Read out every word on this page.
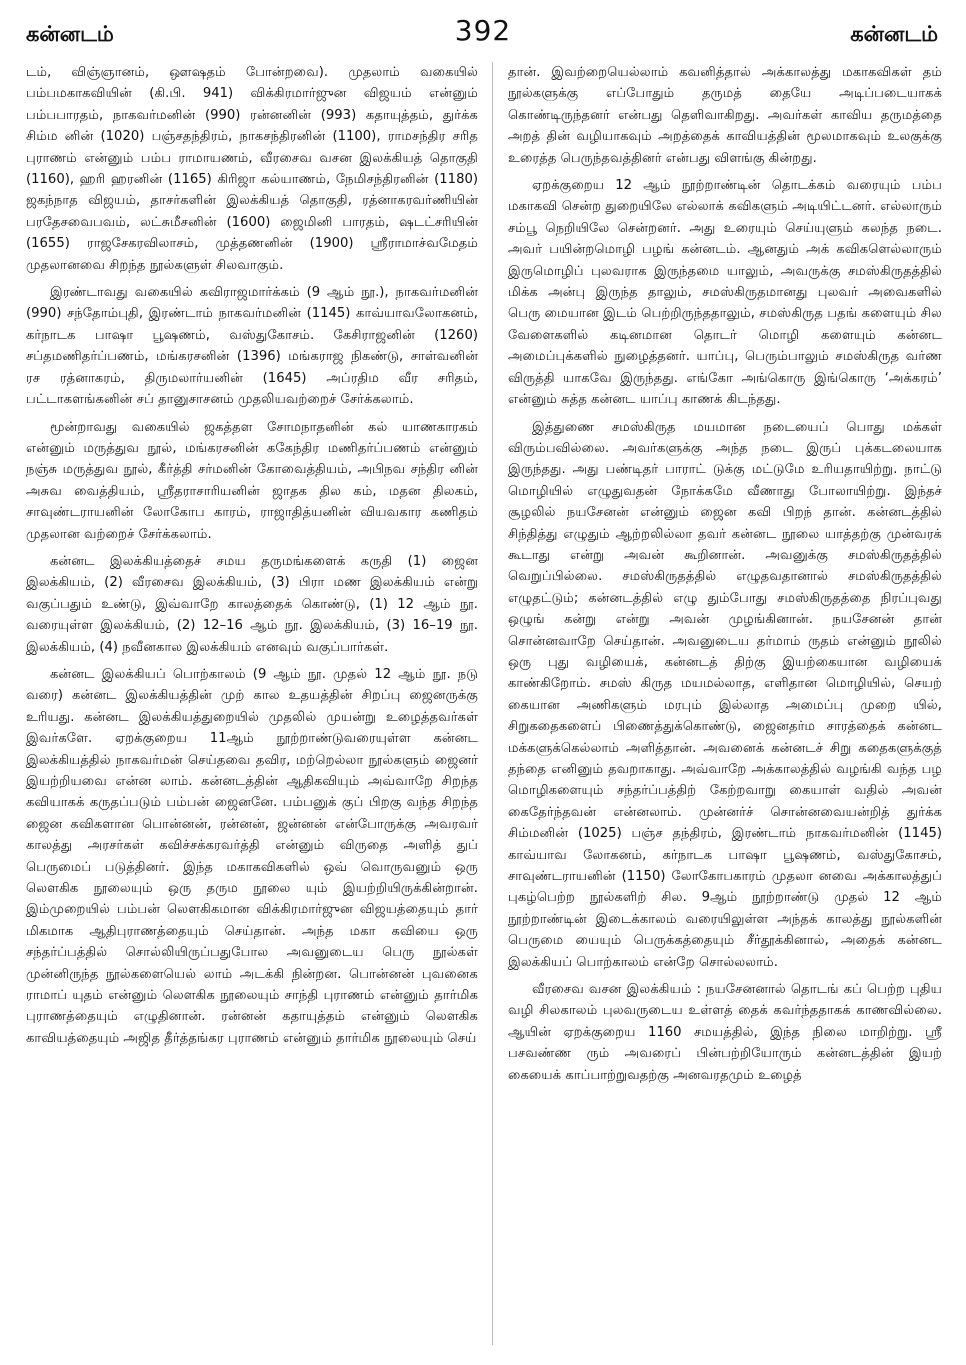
கன்னடம்	392	கன்னடம்

டம், விஞ்ஞானம், ஔஷதம் போன்றவை). முதலாம் வகையில் பம்பமகாகவியின் (கி.பி. 941) விக்கிரமார்ஜுன விஜயம் என்னும் பம்பபாரதம், நாகவர்மனின் (990) ரன்னனின் (993) கதாயுத்தம், துர்க்க சிம்ம னின் (1020) பஞ்சதந்திரம், நாகசந்திரனின் (1100), ராமசந்திர சரித புராணம் என்னும் பம்ப ராமாயணம், வீரசைவ வசன இலக்கியத் தொகுதி (1160), ஹரி ஹரனின் (1165) கிரிஜா கல்யாணம், நேமிசந்திரனின் (1180) ஜகந்நாத விஜயம், தாசர்களின் இலக்கியத் தொகுதி, ரத்னாகரவர்ணியின் பரதேசவைபவம், லட்சுமீசனின் (1600) ஜைமினி பாரதம், ஷடட்சரியின் (1655) ராஜசேகரவிலாசம், முத்தணனின் (1900) ஸ்ரீராமாச்வமேதம் முதலானவை சிறந்த நூல்களுள் சிலவாகும்.

இரண்டாவது வகையில் கவிராஜமார்க்கம் (9 ஆம் நூ.), நாகவர்மனின் (990) சந்தோம்புதி, இரண்டாம் நாகவர்மனின் (1145) காவ்யாவலோகனம், கர்நாடக பாஷா பூஷணம், வஸ்துகோசம். கேசிராஜனின் (1260) சப்தமணிதர்ப்பணம், மங்கரசனின் (1396) மங்கராஜ நிகண்டு, சாள்வனின் ரச ரத்னாகரம், திருமலார்யனின் (1645) அப்ரதிம வீர சரிதம், பட்டாகளங்கனின் சப் தானுசாசனம் முதலியவற்றைச் சேர்க்கலாம்.

மூன்றாவது வகையில் ஜகத்தள சோமநாதனின் கல் யாணகாரகம் என்னும் மருத்துவ நூல், மங்கரசனின் ககேந்திர மணிதர்ப்பணம் என்னும் நஞ்சு மருத்துவ நூல், கீர்த்தி சர்மனின் கோவைத்தியம், அபிநவ சந்திர னின் அசுவ வைத்தியம், ஸ்ரீதராசாரியனின் ஜாதக தில கம், மதன திலகம், சாவுண்டராயனின் லோகோப காரம், ராஜாதித்யனின் வியவகார கணிதம் முதலான வற்றைச் சேர்க்கலாம்.

கன்னட இலக்கியத்தைச் சமய தருமங்களைக் கருதி (1) ஜைன இலக்கியம், (2) வீரசைவ இலக்கியம், (3) பிரா மண இலக்கியம் என்று வகுப்பதும் உண்டு, இவ்வாறே காலத்தைக் கொண்டு, (1) 12 ஆம் நூ. வரையுள்ள இலக்கியம், (2) 12–16 ஆம் நூ. இலக்கியம், (3) 16–19 நூ. இலக்கியம், (4) நவீனகால இலக்கியம் எனவும் வகுப்பார்கள்.

கன்னட இலக்கியப் பொற்காலம் (9 ஆம் நூ. முதல் 12 ஆம் நூ. நடு வரை) கன்னட இலக்கியத்தின் முற் கால உதயத்தின் சிறப்பு ஜைனருக்கு உரியது. கன்னட இலக்கியத்துறையில் முதலில் முயன்று உழைத்தவர்கள் இவர்களே. ஏறக்குறைய 11ஆம் நூற்றாண்டுவரையுள்ள கன்னட இலக்கியத்தில் நாகவர்மன் செய்தவை தவிர, மற்றெல்லா நூல்களும் ஜைனர் இயற்றியவை என்ன லாம். கன்னடத்தின் ஆதிகவியும் அவ்வாறே சிறந்த கவியாகக் கருதப்படும் பம்பன் ஜைனனே. பம்பனுக் குப் பிறகு வந்த சிறந்த ஜைன கவிகளான பொன்னன், ரன்னன், ஜன்னன் என்போருக்கு அவரவர் காலத்து அரசர்கள் கவிச்சக்கரவர்த்தி என்னும் விருதை அளித் துப் பெருமைப் படுத்தினர். இந்த மகாகவிகளில் ஒவ் வொருவனும் ஒரு லௌகிக நூலையும் ஒரு தரும நூலை யும் இயற்றியிருக்கின்றான். இம்முறையில் பம்பன் லௌகிகமான விக்கிரமார்ஜுன விஜயத்தையும் தார் மிகமாக ஆதிபுராணத்தையும் செய்தான். அந்த மகா கவியை ஒரு சந்தர்ப்பத்தில் சொல்லியிருப்பதுபோல அவனுடைய பெரு நூல்கள் முன்னிருந்த நூல்களையெல் லாம் அடக்கி நின்றன. பொன்னன் புவனைக ராமாப் யுதம் என்னும் லௌகிக நூலையும் சாந்தி புராணம் என்னும் தார்மிக புராணத்தையும் எழுதினான். ரன்னன் கதாயுத்தம் என்னும் லௌகிக காவியத்தையும் அஜித தீர்த்தங்கர புராணம் என்னும் தார்மிக நூலையும் செய்

தான். இவற்றையெல்லாம் கவனித்தால் அக்காலத்து மகாகவிகள் தம் நூல்களுக்கு எப்போதும் தருமத் தையே அடிப்படையாகக் கொண்டிருந்தனர் என்பது தெளிவாகிறது. அவர்கள் காவிய தருமத்தை அறத் தின் வழியாகவும் அறத்தைக் காவியத்தின் மூலமாகவும் உலகுக்கு உரைத்த பெருந்தவத்தினர் என்பது விளங்கு கின்றது.

ஏறக்குறைய 12 ஆம் நூற்றாண்டின் தொடக்கம் வரையும் பம்ப மகாகவி சென்ற துறையிலே எல்லாக் கவிகளும் அடியிட்டனர். எல்லாரும் சம்பூ நெறியிலே சென்றனர். அது உரையும் செய்யுளும் கலந்த நடை. அவர் பயின்றமொழி பழங் கன்னடம். ஆனதும் அக் கவிகளெல்லாரும் இருமொழிப் புலவராக இருந்தமை யாலும், அவருக்கு சமஸ்கிருதத்தில் மிக்க அன்பு இருந்த தாலும், சமஸ்கிருதமானது புலவர் அவைகளில் பெரு மையான இடம் பெற்றிருந்ததாலும், சமஸ்கிருத பதங் களையும் சில வேளைகளில் கடினமான தொடர் மொழி களையும் கன்னட அமைப்புக்களில் நுழைத்தனர். யாப்பு, பெரும்பாலும் சமஸ்கிருத வர்ண விருத்தி யாகவே இருந்தது. எங்கோ அங்கொரு இங்கொரு ‘அக்கரம்’ என்னும் சுத்த கன்னட யாப்பு காணக் கிடந்தது.

இத்துணை சமஸ்கிருத மயமான நடையைப் பொது மக்கள் விரும்பவில்லை. அவர்களுக்கு அந்த நடை இருப் புக்கடலையாக இருந்தது. அது பண்டிதர் பாராட் டுக்கு மட்டுமே உரியதாயிற்று. நாட்டு மொழியில் எழுதுவதன் நோக்கமே வீணாது போலாயிற்று. இந்தச் சூழலில் நயசேனன் என்னும் ஜைன கவி பிறந் தான். கன்னடத்தில் சிந்தித்து எழுதும் ஆற்றலில்லா தவர் கன்னட நூலை யாத்தற்கு முன்வரக் கூடாது என்று அவன் கூறினான். அவனுக்கு சமஸ்கிருதத்தில் வெறுப்பில்லை. சமஸ்கிருதத்தில் எழுதவதானால் சமஸ்கிருதத்தில் எழுதட்டும்; கன்னடத்தில் எழு தும்போது சமஸ்கிருதத்தை நிரப்புவது ஒழுங் கன்று என்று அவன் முழங்கினான். நயசேனன் தான் சொன்னவாறே செய்தான். அவனுடைய தர்மாம் ருதம் என்னும் நூலில் ஒரு புது வழியைக், கன்னடத் திற்கு இயற்கையான வழியைக் காண்கிறோம். சமஸ் கிருத மயமல்லாத, எளிதான மொழியில், செயற் கையான அணிகளும் மரபும் இல்லாத அமைப்பு முறை யில், சிறுகதைகளைப் பிணைத்துக்கொண்டு, ஜைனதர்ம சாரத்தைக் கன்னட மக்களுக்கெல்லாம் அளித்தான். அவனைக் கன்னடச் சிறு கதைகளுக்குத் தந்தை எனினும் தவறாகாது. அவ்வாறே அக்காலத்தில் வழங்கி வந்த பழ மொழிகளையும் சந்தர்ப்பத்திற் கேற்றவாறு கையாள் வதில் அவன் கைதேர்ந்தவன் என்னலாம். முன்னர்ச் சொன்னவையன்றித் துர்க்க சிம்மனின் (1025) பஞ்ச தந்திரம், இரண்டாம் நாகவர்மனின் (1145) காவ்யாவ லோகனம், கர்நாடக பாஷா பூஷணம், வஸ்துகோசம், சாவுண்டராயனின் (1150) லோகோபகாரம் முதலா னவை அக்காலத்துப் புகழ்பெற்ற நூல்களிற் சில. 9ஆம் நூற்றாண்டு முதல் 12 ஆம் நூற்றாண்டின் இடைக்காலம் வரையிலுள்ள அந்தக் காலத்து நூல்களின் பெருமை யையும் பெருக்கத்தையும் சீர்தூக்கினால், அதைக் கன்னட இலக்கியப் பொற்காலம் என்றே சொல்லலாம்.

வீரசைவ வசன இலக்கியம் : நயசேனனால் தொடங் கப் பெற்ற புதிய வழி சிலகாலம் புலவருடைய உள்ளத் தைக் கவர்ந்ததாகக் காணவில்லை. ஆயின் ஏறக்குறைய 1160 சமயத்தில், இந்த நிலை மாறிற்று. ஸ்ரீ பசவண்ண ரும் அவரைப் பின்பற்றியோரும் கன்னடத்தின் இயற் கையைக் காப்பாற்றுவதற்கு அனவரதமும் உழைத்
